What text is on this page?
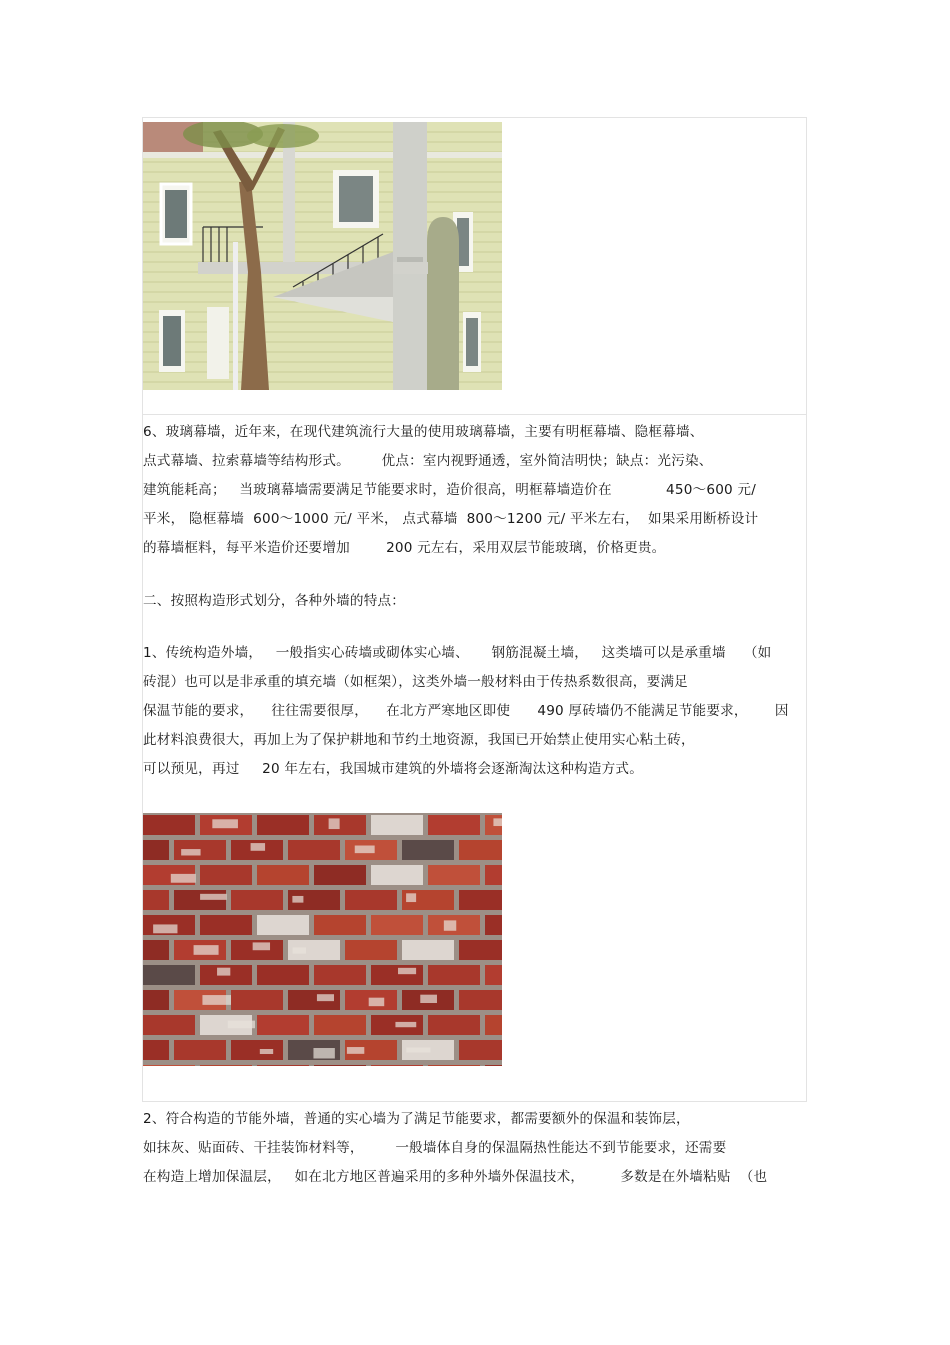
6、玻璃幕墙，近年来，在现代建筑流行大量的使用玻璃幕墙，主要有明框幕墙、隐框幕墙、
点式幕墙、拉索幕墙等结构形式。       优点：室内视野通透，室外简洁明快；缺点：光污染、
建筑能耗高；   当玻璃幕墙需要满足节能要求时，造价很高，明框幕墙造价在            450～600 元/
平米， 隐框幕墙  600～1000 元/ 平米， 点式幕墙  800～1200 元/ 平米左右，  如果采用断桥设计
的幕墙框料，每平米造价还要增加        200 元左右，采用双层节能玻璃，价格更贵。
二、按照构造形式划分，各种外墙的特点：
1、传统构造外墙，   一般指实心砖墙或砌体实心墙、     钢筋混凝土墙，   这类墙可以是承重墙    （如
砖混）也可以是非承重的填充墙（如框架），这类外墙一般材料由于传热系数很高，要满足
保温节能的要求，    往往需要很厚，    在北方严寒地区即使      490 厚砖墙仍不能满足节能要求，      因
此材料浪费很大，再加上为了保护耕地和节约土地资源，我国已开始禁止使用实心粘土砖，
可以预见，再过     20 年左右，我国城市建筑的外墙将会逐渐淘汰这种构造方式。
2、符合构造的节能外墙，普通的实心墙为了满足节能要求，都需要额外的保温和装饰层，
如抹灰、贴面砖、干挂装饰材料等，       一般墙体自身的保温隔热性能达不到节能要求，还需要
在构造上增加保温层，   如在北方地区普遍采用的多种外墙外保温技术，        多数是在外墙粘贴  （也
